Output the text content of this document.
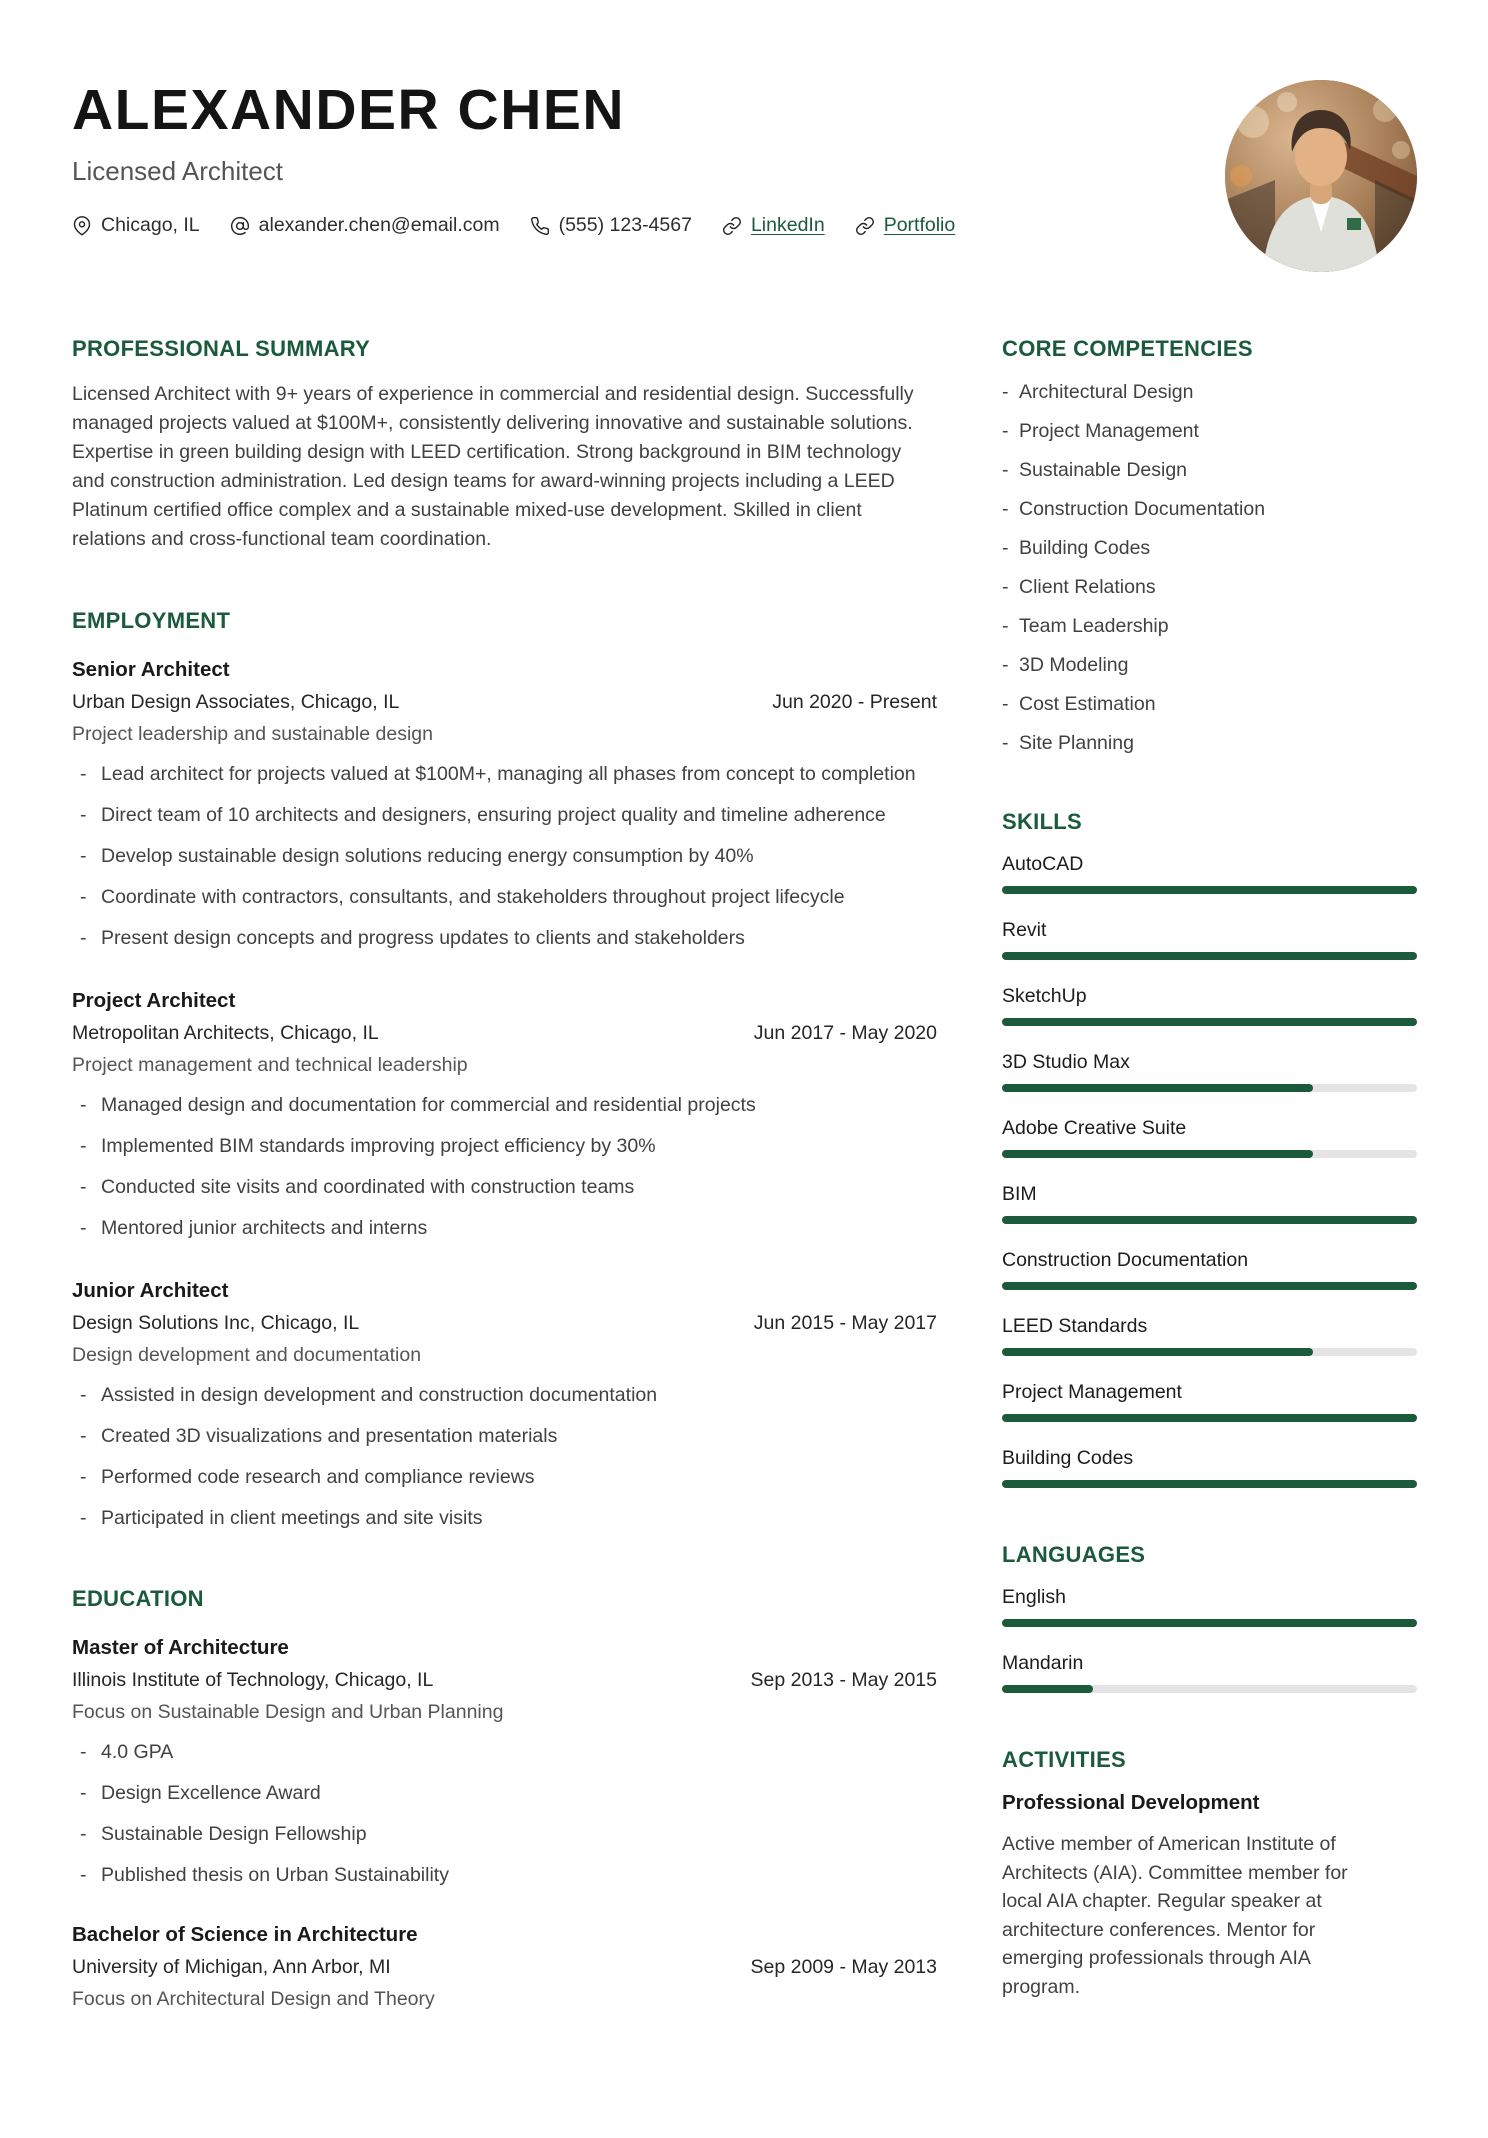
ALEXANDER CHEN
Licensed Architect
Chicago, IL	alexander.chen@email.com	(555) 123-4567	LinkedIn	Portfolio
PROFESSIONAL SUMMARY

Licensed Architect with 9+ years of experience in commercial and residential design. Successfully managed projects valued at $100M+, consistently delivering innovative and sustainable solutions. Expertise in green building design with LEED certification. Strong background in BIM technology and construction administration. Led design teams for award-winning projects including a LEED Platinum certified office complex and a sustainable mixed-use development. Skilled in client relations and cross-functional team coordination.

EMPLOYMENT
Senior Architect
Urban Design Associates, Chicago, IL	Jun 2020 - Present
Project leadership and sustainable design
- Lead architect for projects valued at $100M+, managing all phases from concept to completion
- Direct team of 10 architects and designers, ensuring project quality and timeline adherence
- Develop sustainable design solutions reducing energy consumption by 40%
- Coordinate with contractors, consultants, and stakeholders throughout project lifecycle
- Present design concepts and progress updates to clients and stakeholders
Project Architect
Metropolitan Architects, Chicago, IL	Jun 2017 - May 2020
Project management and technical leadership
- Managed design and documentation for commercial and residential projects
- Implemented BIM standards improving project efficiency by 30%
- Conducted site visits and coordinated with construction teams
- Mentored junior architects and interns
Junior Architect
Design Solutions Inc, Chicago, IL	Jun 2015 - May 2017
Design development and documentation
- Assisted in design development and construction documentation
- Created 3D visualizations and presentation materials
- Performed code research and compliance reviews
- Participated in client meetings and site visits
EDUCATION
Master of Architecture
Illinois Institute of Technology, Chicago, IL	Sep 2013 - May 2015
Focus on Sustainable Design and Urban Planning
- 4.0 GPA
- Design Excellence Award
- Sustainable Design Fellowship
- Published thesis on Urban Sustainability
Bachelor of Science in Architecture
University of Michigan, Ann Arbor, MI	Sep 2009 - May 2013
Focus on Architectural Design and Theory
CORE COMPETENCIES
- Architectural Design
- Project Management
- Sustainable Design
- Construction Documentation
- Building Codes
- Client Relations
- Team Leadership
- 3D Modeling
- Cost Estimation
- Site Planning
SKILLS
AutoCAD
Revit
SketchUp
3D Studio Max
Adobe Creative Suite
BIM
Construction Documentation
LEED Standards
Project Management
Building Codes
LANGUAGES
English
Mandarin
ACTIVITIES
Professional Development

Active member of American Institute of Architects (AIA). Committee member for local AIA chapter. Regular speaker at architecture conferences. Mentor for emerging professionals through AIA program.
